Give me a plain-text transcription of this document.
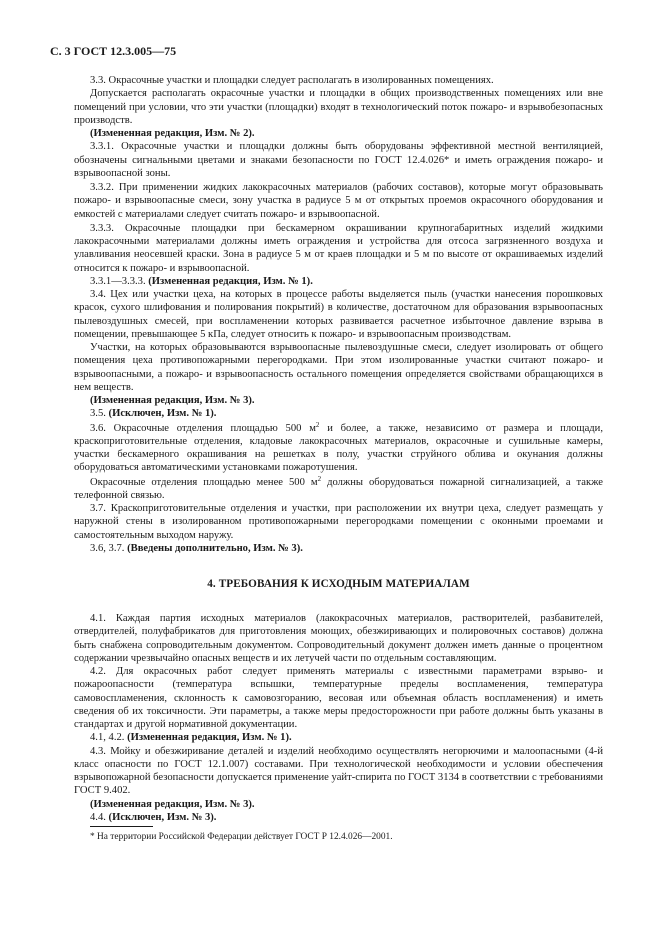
С. 3 ГОСТ 12.3.005—75

3.3. Окрасочные участки и площадки следует располагать в изолированных помещениях.

Допускается располагать окрасочные участки и площадки в общих производственных помещениях или вне помещений при условии, что эти участки (площадки) входят в технологический поток пожаро- и взрывобезопасных производств.

(Измененная редакция, Изм. № 2).

3.3.1. Окрасочные участки и площадки должны быть оборудованы эффективной местной вентиляцией, обозначены сигнальными цветами и знаками безопасности по ГОСТ 12.4.026* и иметь ограждения пожаро- и взрывоопасной зоны.

3.3.2. При применении жидких лакокрасочных материалов (рабочих составов), которые могут образовывать пожаро- и взрывоопасные смеси, зону участка в радиусе 5 м от открытых проемов окрасочного оборудования и емкостей с материалами следует считать пожаро- и взрывоопасной.

3.3.3. Окрасочные площадки при бескамерном окрашивании крупногабаритных изделий жидкими лакокрасочными материалами должны иметь ограждения и устройства для отсоса загрязненного воздуха и улавливания неосевшей краски. Зона в радиусе 5 м от краев площадки и 5 м по высоте от окрашиваемых изделий относится к пожаро- и взрывоопасной.

3.3.1—3.3.3. (Измененная редакция, Изм. № 1).

3.4. Цех или участки цеха, на которых в процессе работы выделяется пыль (участки нанесения порошковых красок, сухого шлифования и полирования покрытий) в количестве, достаточном для образования взрывоопасных пылевоздушных смесей, при воспламенении которых развивается расчетное избыточное давление взрыва в помещении, превышающее 5 кПа, следует относить к пожаро- и взрывоопасным производствам.

Участки, на которых образовываются взрывоопасные пылевоздушные смеси, следует изолировать от общего помещения цеха противопожарными перегородками. При этом изолированные участки считают пожаро- и взрывоопасными, а пожаро- и взрывоопасность остального помещения определяется свойствами обращающихся в нем веществ.

(Измененная редакция, Изм. № 3).

3.5. (Исключен, Изм. № 1).

3.6. Окрасочные отделения площадью 500 $м^2$ и более, а также, независимо от размера и площади, краскоприготовительные отделения, кладовые лакокрасочных материалов, окрасочные и сушильные камеры, участки бескамерного окрашивания на решетках в полу, участки струйного облива и окунания должны оборудоваться автоматическими установками пожаротушения.

Окрасочные отделения площадью менее 500 $м^2$ должны оборудоваться пожарной сигнализацией, а также телефонной связью.

3.7. Краскоприготовительные отделения и участки, при расположении их внутри цеха, следует размещать у наружной стены в изолированном противопожарными перегородками помещении с оконными проемами и самостоятельным выходом наружу.

3.6, 3.7. (Введены дополнительно, Изм. № 3).

4. ТРЕБОВАНИЯ К ИСХОДНЫМ МАТЕРИАЛАМ

4.1. Каждая партия исходных материалов (лакокрасочных материалов, растворителей, разбавителей, отвердителей, полуфабрикатов для приготовления моющих, обезжиривающих и полировочных составов) должна быть снабжена сопроводительным документом. Сопроводительный документ должен иметь данные о процентном содержании чрезвычайно опасных веществ и их летучей части по отдельным составляющим.

4.2. Для окрасочных работ следует применять материалы с известными параметрами взрыво- и пожароопасности (температура вспышки, температурные пределы воспламенения, температура самовоспламенения, склонность к самовозгоранию, весовая или объемная область воспламенения) и иметь сведения об их токсичности. Эти параметры, а также меры предосторожности при работе должны быть указаны в стандартах и другой нормативной документации.

4.1, 4.2. (Измененная редакция, Изм. № 1).

4.3. Мойку и обезжиривание деталей и изделий необходимо осуществлять негорючими и малоопасными (4-й класс опасности по ГОСТ 12.1.007) составами. При технологической необходимости и условии обеспечения взрывопожарной безопасности допускается применение уайт-спирита по ГОСТ 3134 в соответствии с требованиями ГОСТ 9.402.

(Измененная редакция, Изм. № 3).

4.4. (Исключен, Изм. № 3).

* На территории Российской Федерации действует ГОСТ Р 12.4.026—2001.
